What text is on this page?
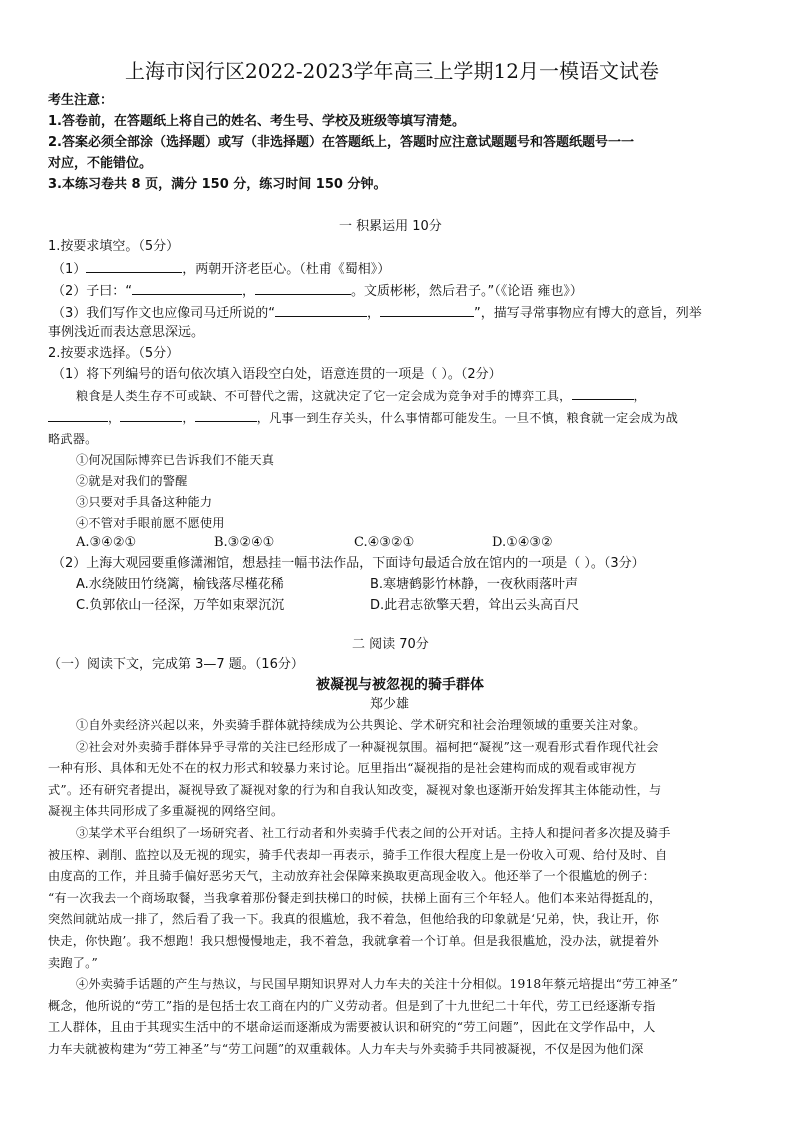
上海市闵行区2022-2023学年高三上学期12月一模语文试卷
考生注意：
1.答卷前，在答题纸上将自己的姓名、考生号、学校及班级等填写清楚。
2.答案必须全部涂（选择题）或写（非选择题）在答题纸上，答题时应注意试题题号和答题纸题号一一
对应，不能错位。
3.本练习卷共 8 页，满分 150 分，练习时间 150 分钟。
一 积累运用 10分
1.按要求填空。（5分）
（1）	，两朝开济老臣心。（杜甫《蜀相》）
（2）子曰：“	，	。文质彬彬，然后君子。”（《论语 雍也》）
（3）我们写作文也应像司马迁所说的“	，	”，描写寻常事物应有博大的意旨，列举
事例浅近而表达意思深远。
2.按要求选择。（5分）
（1）将下列编号的语句依次填入语段空白处，语意连贯的一项是（ ）。（2分）
粮食是人类生存不可或缺、不可替代之需，这就决定了它一定会成为竞争对手的博弈工具，	，
，	，	，凡事一到生存关头，什么事情都可能发生。一旦不慎，粮食就一定会成为战
略武器。
①何况国际博弈已告诉我们不能天真
②就是对我们的警醒
③只要对手具备这种能力
④不管对手眼前愿不愿使用
A.③④②①	B.③②④①	C.④③②①	D.①④③②
（2）上海大观园要重修潇湘馆，想悬挂一幅书法作品，下面诗句最适合放在馆内的一项是（ ）。（3分）
A.水绕陂田竹绕篱，榆钱落尽槿花稀	B.寒塘鹤影竹林静，一夜秋雨落叶声
C.负郭依山一径深，万竿如束翠沉沉	D.此君志欲擎天碧，耸出云头高百尺
二 阅读 70分
（一）阅读下文，完成第 3—7 题。（16分）
被凝视与被忽视的骑手群体
郑少雄
①自外卖经济兴起以来，外卖骑手群体就持续成为公共舆论、学术研究和社会治理领域的重要关注对象。
②社会对外卖骑手群体异乎寻常的关注已经形成了一种凝视氛围。福柯把“凝视”这一观看形式看作现代社会
一种有形、具体和无处不在的权力形式和较暴力来讨论。厄里指出“凝视指的是社会建构而成的观看或审视方
式”。还有研究者提出，凝视导致了凝视对象的行为和自我认知改变，凝视对象也逐渐开始发挥其主体能动性，与
凝视主体共同形成了多重凝视的网络空间。
③某学术平台组织了一场研究者、社工行动者和外卖骑手代表之间的公开对话。主持人和提问者多次提及骑手
被压榨、剥削、监控以及无视的现实，骑手代表却一再表示，骑手工作很大程度上是一份收入可观、给付及时、自
由度高的工作，并且骑手偏好恶劣天气，主动放弃社会保障来换取更高现金收入。他还举了一个很尴尬的例子：
“有一次我去一个商场取餐，当我拿着那份餐走到扶梯口的时候，扶梯上面有三个年轻人。他们本来站得挺乱的，
突然间就站成一排了，然后看了我一下。我真的很尴尬，我不着急，但他给我的印象就是‘兄弟，快，我让开，你
快走，你快跑’。我不想跑！我只想慢慢地走，我不着急，我就拿着一个订单。但是我很尴尬，没办法，就提着外
卖跑了。”
④外卖骑手话题的产生与热议，与民国早期知识界对人力车夫的关注十分相似。1918年蔡元培提出“劳工神圣”
概念，他所说的“劳工”指的是包括士农工商在内的广义劳动者。但是到了十九世纪二十年代，劳工已经逐渐专指
工人群体，且由于其现实生活中的不堪命运而逐渐成为需要被认识和研究的“劳工问题”，因此在文学作品中，人
力车夫就被构建为“劳工神圣”与“劳工问题”的双重载体。人力车夫与外卖骑手共同被凝视，不仅是因为他们深
